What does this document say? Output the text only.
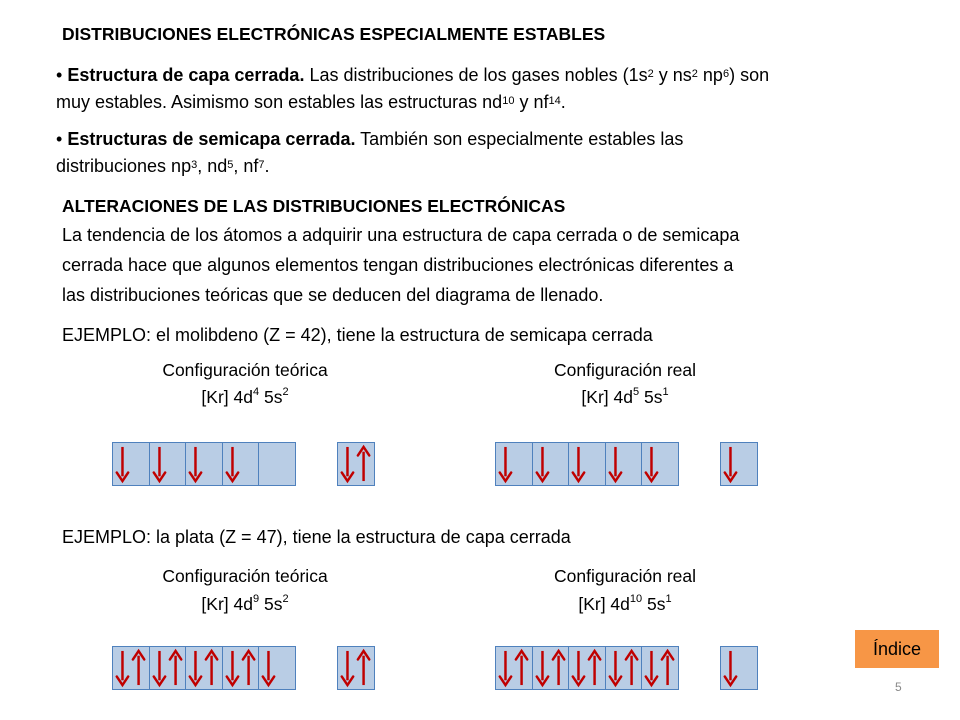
DISTRIBUCIONES ELECTRÓNICAS ESPECIALMENTE ESTABLES
• Estructura de capa cerrada. Las distribuciones de los gases nobles ($1s^2$ y $ns^2$ $np^6$) son
muy estables. Asimismo son estables las estructuras $nd^{10}$ y $nf^{14}$.
• Estructuras de semicapa cerrada. También son especialmente estables las
distribuciones $np^3$, $nd^5$, $nf^7$.
ALTERACIONES DE LAS DISTRIBUCIONES ELECTRÓNICAS
La tendencia de los átomos a adquirir una estructura de capa cerrada o de semicapa
cerrada hace que algunos elementos tengan distribuciones electrónicas diferentes a
las distribuciones teóricas que se deducen del diagrama de llenado.
EJEMPLO: el molibdeno (Z = 42), tiene la estructura de semicapa cerrada
Configuración teórica
[Kr] $4d^4$ $5s^2$
Configuración real
[Kr] $4d^5$ $5s^1$
EJEMPLO: la plata (Z = 47), tiene la estructura de capa cerrada
Configuración teórica
[Kr] $4d^9$ $5s^2$
Configuración real
[Kr] $4d^{10}$ $5s^1$
Índice
5
